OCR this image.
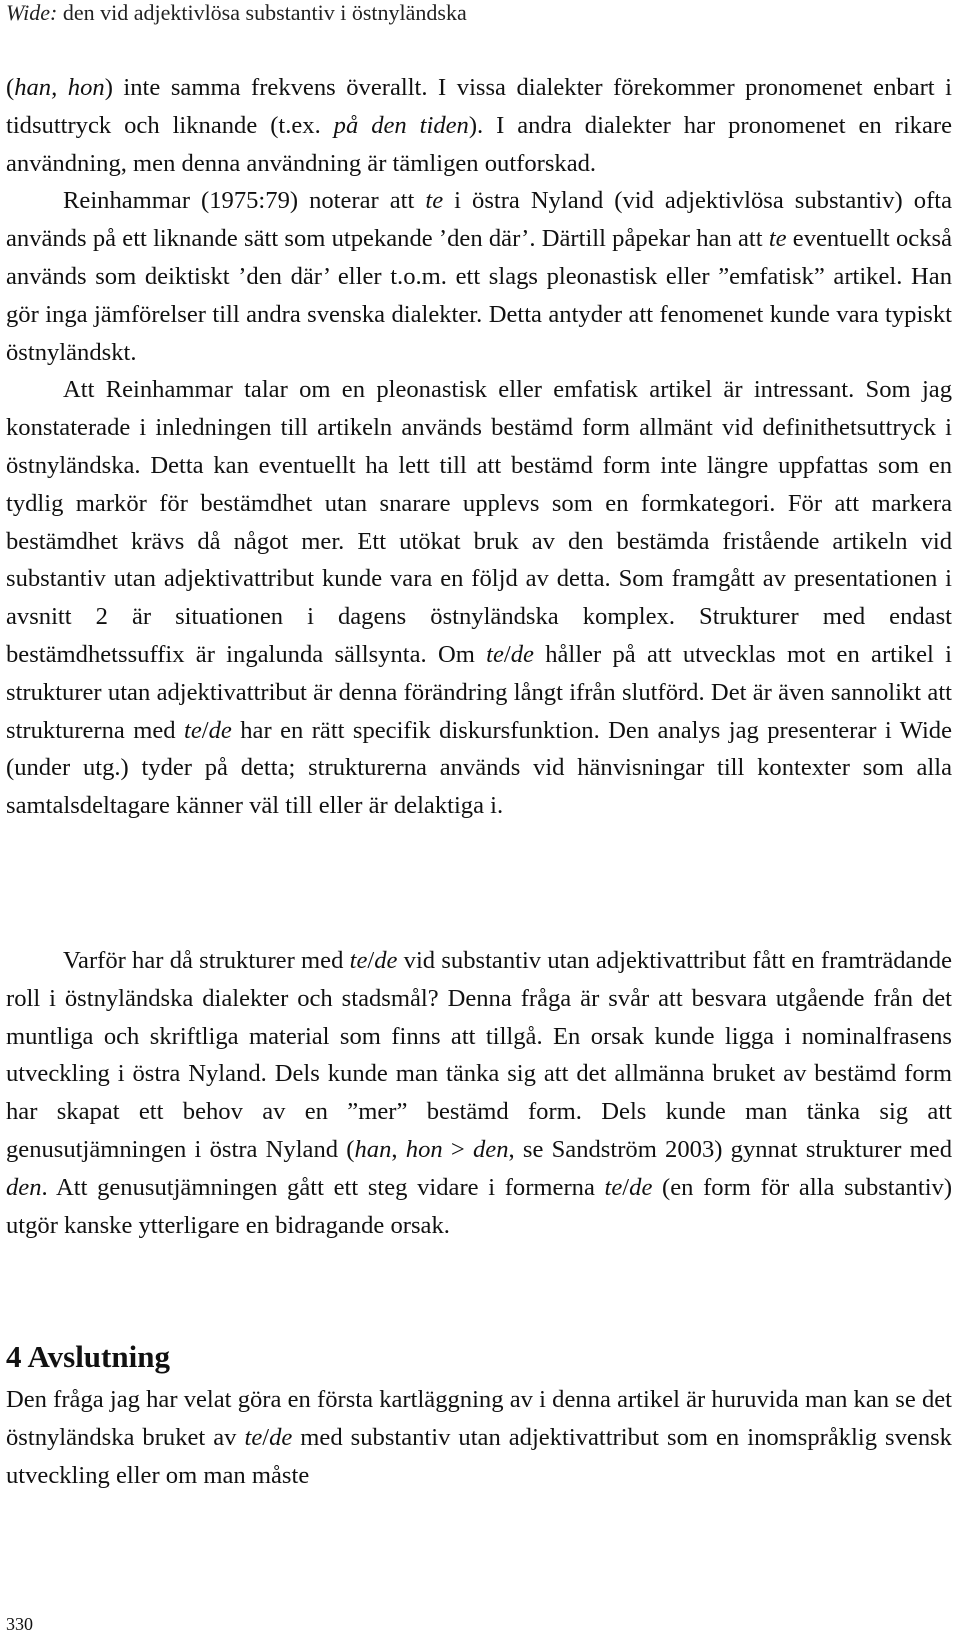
Wide: den vid adjektivlösa substantiv i östnyländska

(han, hon) inte samma frekvens överallt. I vissa dialekter förekommer pronomenet enbart i tidsuttryck och liknande (t.ex. på den tiden). I andra dialekter har pronomenet en rikare användning, men denna användning är tämligen outforskad.

Reinhammar (1975:79) noterar att te i östra Nyland (vid adjektivlösa substantiv) ofta används på ett liknande sätt som utpekande ’den där’. Därtill påpekar han att te eventuellt också används som deiktiskt ’den där’ eller t.o.m. ett slags pleonastisk eller ”emfatisk” artikel. Han gör inga jämförelser till andra svenska dialekter. Detta antyder att fenomenet kunde vara typiskt östnyländskt.

Att Reinhammar talar om en pleonastisk eller emfatisk artikel är intressant. Som jag konstaterade i inledningen till artikeln används bestämd form allmänt vid definithetsuttryck i östnyländska. Detta kan eventuellt ha lett till att bestämd form inte längre uppfattas som en tydlig markör för bestämdhet utan snarare upplevs som en formkategori. För att markera bestämdhet krävs då något mer. Ett utökat bruk av den bestämda fristående artikeln vid substantiv utan adjektivattribut kunde vara en följd av detta. Som framgått av presentationen i avsnitt 2 är situationen i dagens östnyländska komplex. Strukturer med endast bestämdhetssuffix är ingalunda sällsynta. Om te/de håller på att utvecklas mot en artikel i strukturer utan adjektivattribut är denna förändring långt ifrån slutförd. Det är även sannolikt att strukturerna med te/de har en rätt specifik diskursfunktion. Den analys jag presenterar i Wide (under utg.) tyder på detta; strukturerna används vid hänvisningar till kontexter som alla samtalsdeltagare känner väl till eller är delaktiga i.

Varför har då strukturer med te/de vid substantiv utan adjektivattribut fått en framträdande roll i östnyländska dialekter och stadsmål? Denna fråga är svår att besvara utgående från det muntliga och skriftliga material som finns att tillgå. En orsak kunde ligga i nominalfrasens utveckling i östra Nyland. Dels kunde man tänka sig att det allmänna bruket av bestämd form har skapat ett behov av en ”mer” bestämd form. Dels kunde man tänka sig att genusutjämningen i östra Nyland (han, hon > den, se Sandström 2003) gynnat strukturer med den. Att genusutjämningen gått ett steg vidare i formerna te/de (en form för alla substantiv) utgör kanske ytterligare en bidragande orsak.

4 Avslutning

Den fråga jag har velat göra en första kartläggning av i denna artikel är huruvida man kan se det östnyländska bruket av te/de med substantiv utan adjektivattribut som en inomspråklig svensk utveckling eller om man måste

330
